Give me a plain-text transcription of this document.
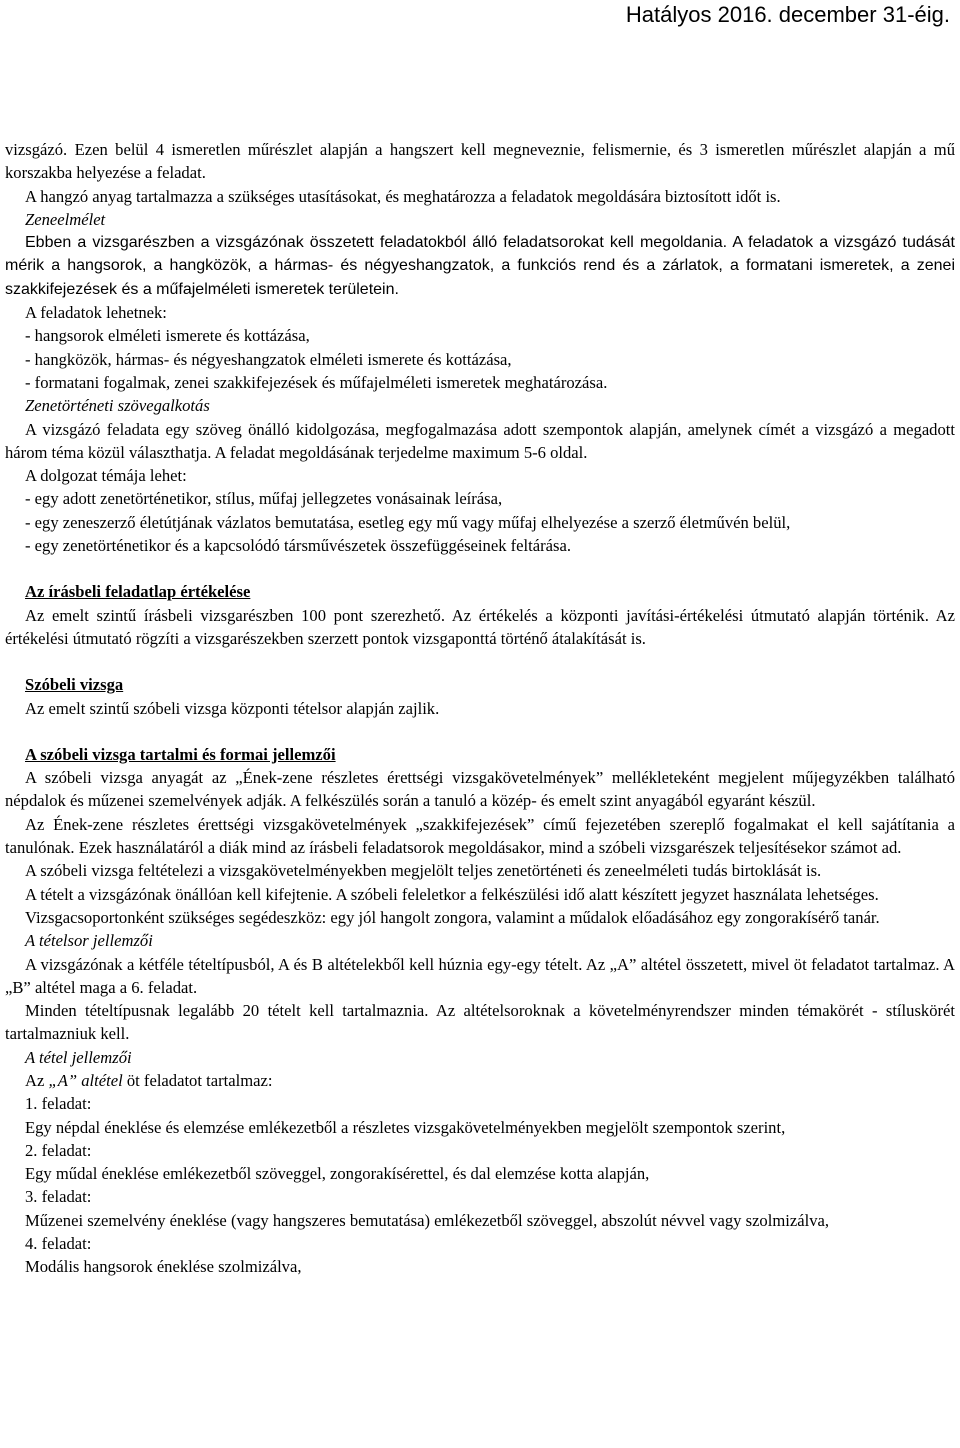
Hatályos 2016. december 31-éig.

vizsgázó. Ezen belül 4 ismeretlen műrészlet alapján a hangszert kell megneveznie, felismernie, és 3 ismeretlen műrészlet alapján a mű korszakba helyezése a feladat.

A hangzó anyag tartalmazza a szükséges utasításokat, és meghatározza a feladatok megoldására biztosított időt is.

Zeneelmélet

Ebben a vizsgarészben a vizsgázónak összetett feladatokból álló feladatsorokat kell megoldania. A feladatok a vizsgázó tudását mérik a hangsorok, a hangközök, a hármas- és négyeshangzatok, a funkciós rend és a zárlatok, a formatani ismeretek, a zenei szakkifejezések és a műfajelméleti ismeretek területein.

A feladatok lehetnek:

- hangsorok elméleti ismerete és kottázása,

- hangközök, hármas- és négyeshangzatok elméleti ismerete és kottázása,

- formatani fogalmak, zenei szakkifejezések és műfajelméleti ismeretek meghatározása.

Zenetörténeti szövegalkotás

A vizsgázó feladata egy szöveg önálló kidolgozása, megfogalmazása adott szempontok alapján, amelynek címét a vizsgázó a megadott három téma közül választhatja. A feladat megoldásának terjedelme maximum 5-6 oldal.

A dolgozat témája lehet:

- egy adott zenetörténetikor, stílus, műfaj jellegzetes vonásainak leírása,

- egy zeneszerző életútjának vázlatos bemutatása, esetleg egy mű vagy műfaj elhelyezése a szerző életművén belül,

- egy zenetörténetikor és a kapcsolódó társművészetek összefüggéseinek feltárása.

Az írásbeli feladatlap értékelése

Az emelt szintű írásbeli vizsgarészben 100 pont szerezhető. Az értékelés a központi javítási-értékelési útmutató alapján történik. Az értékelési útmutató rögzíti a vizsgarészekben szerzett pontok vizsgaponttá történő átalakítását is.

Szóbeli vizsga

Az emelt szintű szóbeli vizsga központi tételsor alapján zajlik.

A szóbeli vizsga tartalmi és formai jellemzői

A szóbeli vizsga anyagát az „Ének-zene részletes érettségi vizsgakövetelmények” mellékleteként megjelent műjegyzékben található népdalok és műzenei szemelvények adják. A felkészülés során a tanuló a közép- és emelt szint anyagából egyaránt készül.

Az Ének-zene részletes érettségi vizsgakövetelmények „szakkifejezések” című fejezetében szereplő fogalmakat el kell sajátítania a tanulónak. Ezek használatáról a diák mind az írásbeli feladatsorok megoldásakor, mind a szóbeli vizsgarészek teljesítésekor számot ad.

A szóbeli vizsga feltételezi a vizsgakövetelményekben megjelölt teljes zenetörténeti és zeneelméleti tudás birtoklását is.

A tételt a vizsgázónak önállóan kell kifejtenie. A szóbeli feleletkor a felkészülési idő alatt készített jegyzet használata lehetséges.

Vizsgacsoportonként szükséges segédeszköz: egy jól hangolt zongora, valamint a műdalok előadásához egy zongorakísérő tanár.

A tételsor jellemzői

A vizsgázónak a kétféle tételtípusból, A és B altételekből kell húznia egy-egy tételt. Az „A” altétel összetett, mivel öt feladatot tartalmaz. A „B” altétel maga a 6. feladat.

Minden tételtípusnak legalább 20 tételt kell tartalmaznia. Az altételsoroknak a követelményrendszer minden témakörét - stíluskörét tartalmazniuk kell.

A tétel jellemzői

Az „A” altétel öt feladatot tartalmaz:

1. feladat:

Egy népdal éneklése és elemzése emlékezetből a részletes vizsgakövetelményekben megjelölt szempontok szerint,

2. feladat:

Egy műdal éneklése emlékezetből szöveggel, zongorakísérettel, és dal elemzése kotta alapján,

3. feladat:

Műzenei szemelvény éneklése (vagy hangszeres bemutatása) emlékezetből szöveggel, abszolút névvel vagy szolmizálva,

4. feladat:

Modális hangsorok éneklése szolmizálva,
